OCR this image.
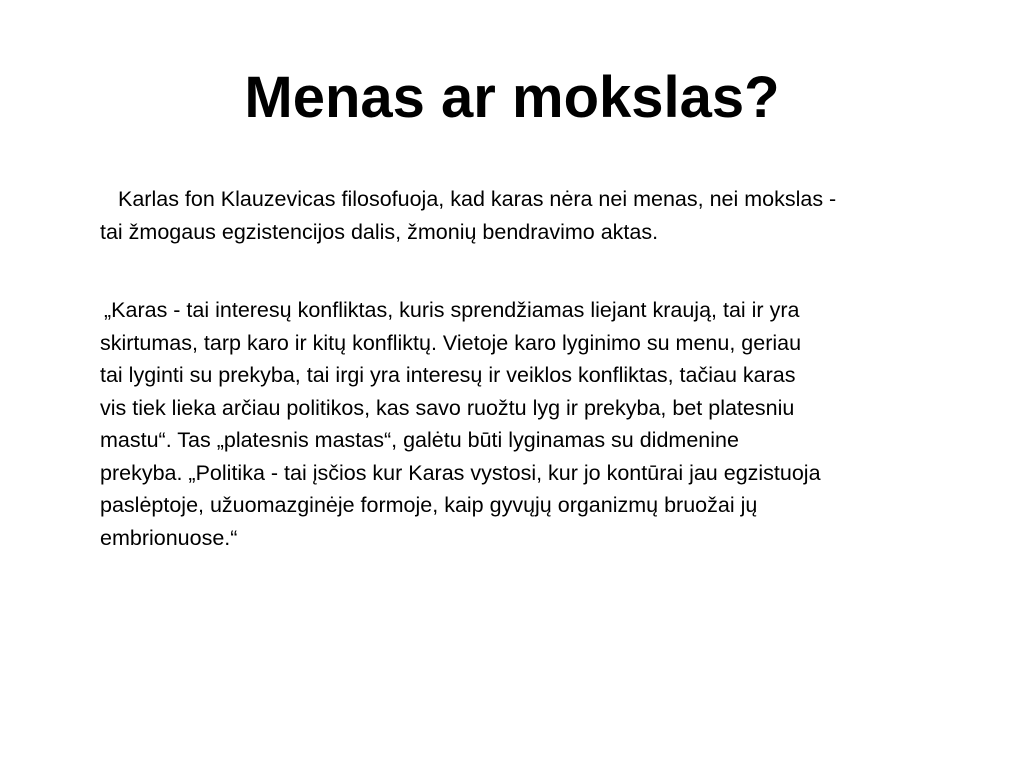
Menas ar mokslas?

Karlas fon Klauzevicas filosofuoja, kad karas nėra nei menas, nei mokslas -
tai žmogaus egzistencijos dalis, žmonių bendravimo aktas.

„Karas - tai interesų konfliktas, kuris sprendžiamas liejant kraują, tai ir yra
skirtumas, tarp karo ir kitų konfliktų. Vietoje karo lyginimo su menu, geriau
tai lyginti su prekyba, tai irgi yra interesų ir veiklos konfliktas, tačiau karas
vis tiek lieka arčiau politikos, kas savo ruožtu lyg ir prekyba, bet platesniu
mastu“. Tas „platesnis mastas“, galėtu būti lyginamas su didmenine
prekyba. „Politika - tai įsčios kur Karas vystosi, kur jo kontūrai jau egzistuoja
paslėptoje, užuomazginėje formoje, kaip gyvųjų organizmų bruožai jų
embrionuose.“
